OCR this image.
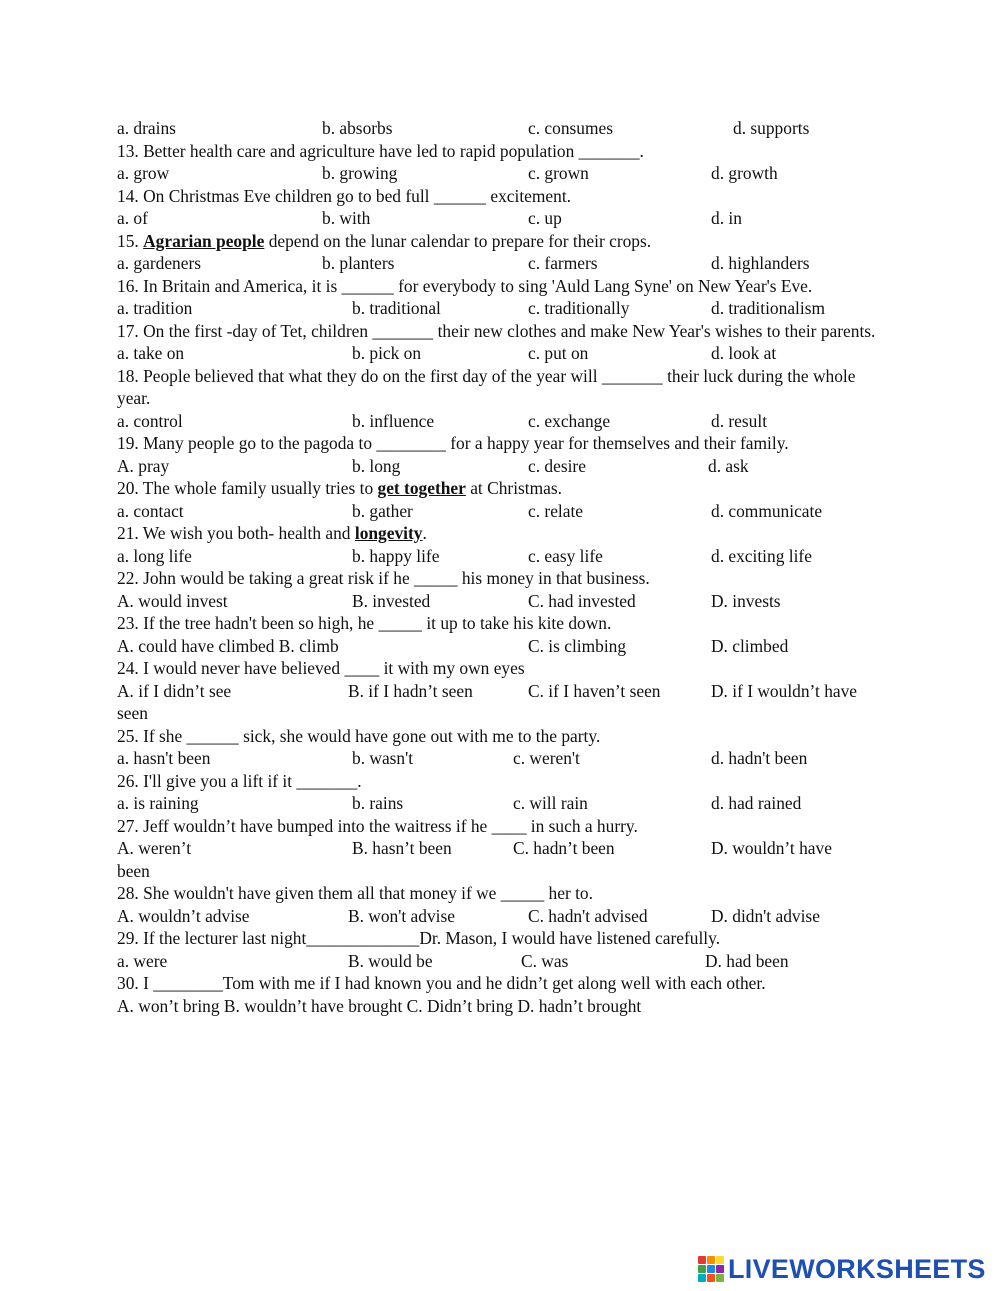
a. drains	b. absorbs	c. consumes	d. supports
13. Better health care and agriculture have led to rapid population _______.
a. grow	b. growing	c. grown	d. growth
14. On Christmas Eve children go to bed full ______ excitement.
a. of	b. with	c. up	d. in
15. Agrarian people depend on the lunar calendar to prepare for their crops.
a. gardeners	b. planters	c. farmers	d. highlanders
16. In Britain and America, it is ______ for everybody to sing 'Auld Lang Syne' on New Year's Eve.
a. tradition	b. traditional	c. traditionally	d. traditionalism
17. On the first -day of Tet, children _______ their new clothes and make New Year's wishes to their parents.
a. take on	b. pick on	c. put on	d. look at
18. People believed that what they do on the first day of the year will _______ their luck during the whole year.
a. control	b. influence	c. exchange	d. result
19. Many people go to the pagoda to ________ for a happy year for themselves and their family.
A. pray	b. long	c. desire	d. ask
20. The whole family usually tries to get together at Christmas.
a. contact	b. gather	c. relate	d. communicate
21. We wish you both- health and longevity.
a. long life	b. happy life	c. easy life	d. exciting life
22. John would be taking a great risk if he _____ his money in that business.
A. would invest	B. invested	C. had invested	D. invests
23. If the tree hadn't been so high, he _____ it up to take his kite down.
A. could have climbed B. climb	C. is climbing	D. climbed
24. I would never have believed ____ it with my own eyes
A. if I didn’t see	B. if I hadn’t seen	C. if I haven’t seen	D. if I wouldn’t have
seen
25. If she ______ sick, she would have gone out with me to the party.
a. hasn't been	b. wasn't	c. weren't	d. hadn't been
26. I'll give you a lift if it _______.
a. is raining	b. rains	c. will rain	d. had rained
27. Jeff wouldn’t have bumped into the waitress if he ____ in such a hurry.
A. weren’t	B. hasn’t been	C. hadn’t been	D. wouldn’t have
been
28. She wouldn't have given them all that money if we _____ her to.
A. wouldn’t advise	B. won't advise	C. hadn't advised	D. didn't advise
29. If the lecturer last night_____________Dr. Mason, I would have listened carefully.
a. were	B. would be	C. was	D. had been
30. I ________Tom with me if I had known you and he didn’t get along well with each other.
A. won’t bring B. wouldn’t have brought C. Didn’t bring D. hadn’t brought
LIVEWORKSHEETS
